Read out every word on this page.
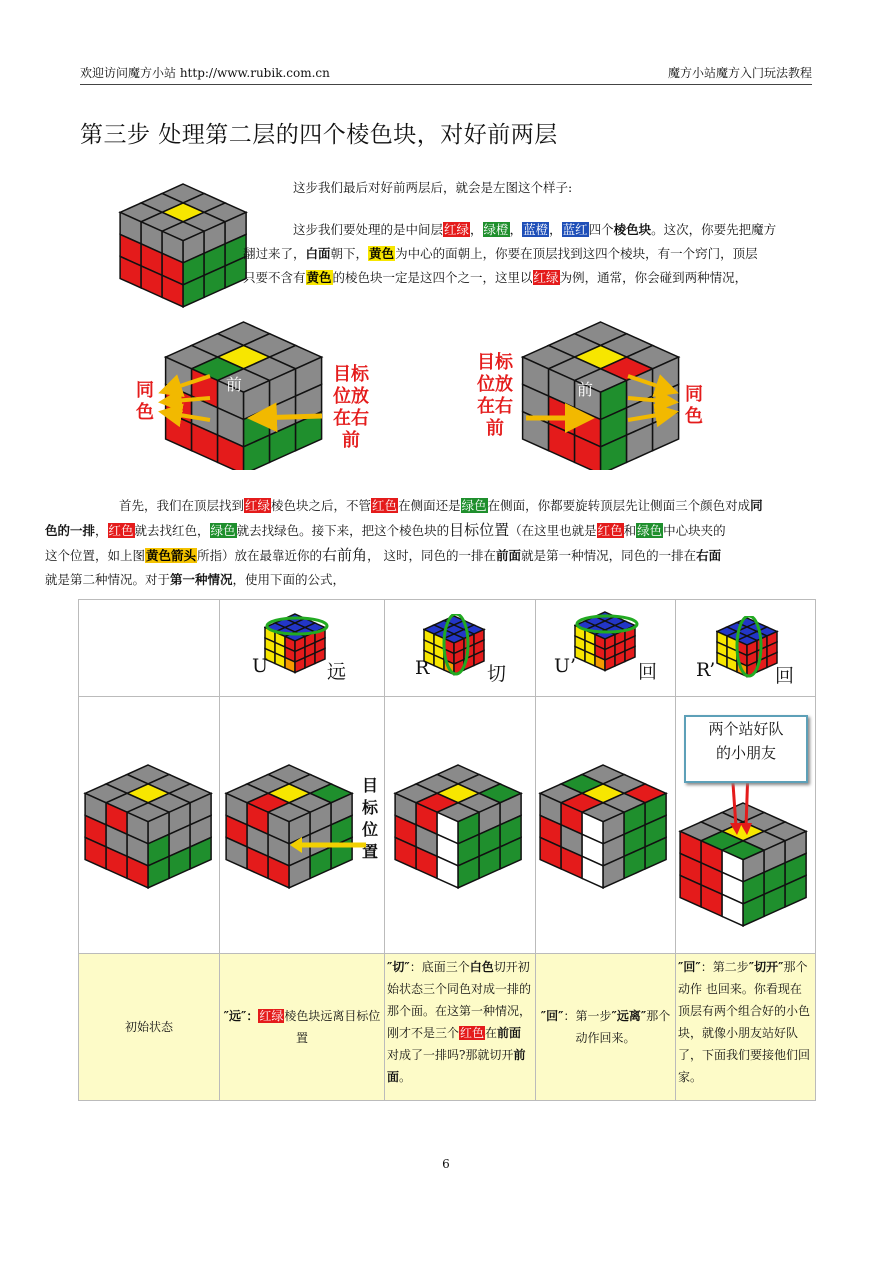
欢迎访问魔方小站 http://www.rubik.com.cn	魔方小站魔方入门玩法教程
第三步 处理第二层的四个棱色块，对好前两层
这步我们最后对好前两层后，就会是左图这个样子:
这步我们要处理的是中间层红绿，绿橙，蓝橙，蓝红四个棱色块。这次，你要先把魔方
翻过来了，白面朝下，黄色为中心的面朝上，你要在顶层找到这四个棱块，有一个窍门，顶层
只要不含有黄色的棱色块一定是这四个之一，这里以红绿为例，通常，你会碰到两种情况，
同
色
目标
位放
在右
前
目标
位放
在右
前
同
色
前	前
首先，我们在顶层找到红绿棱色块之后，不管红色在侧面还是绿色在侧面，你都要旋转顶层先让侧面三个颜色对成同
色的一排，红色就去找红色，绿色就去找绿色。接下来，把这个棱色块的目标位置（在这里也就是红色和绿色中心块夹的
这个位置，如上图黄色箭头所指）放在最靠近你的右前角， 这时，同色的一排在前面就是第一种情况，同色的一排在右面
就是第二种情况。对于第一种情况，使用下面的公式，

	U 远	R 切	U’ 回	R’ 回

目
标
位
置

初始状态	″远″：红绿棱色块远离目标位置	″切″：底面三个白色切开初始状态三个同色对成一排的那个面。在这第一种情况，刚才不是三个红色在前面对成了一排吗?那就切开前面。	″回″：第一步″远离″那个动作回来。	″回″：第二步″切开″那个动作 也回来。你看现在顶层有两个组合好的小色块，就像小朋友站好队了，下面我们要接他们回家。
两个站好队
的小朋友
6
